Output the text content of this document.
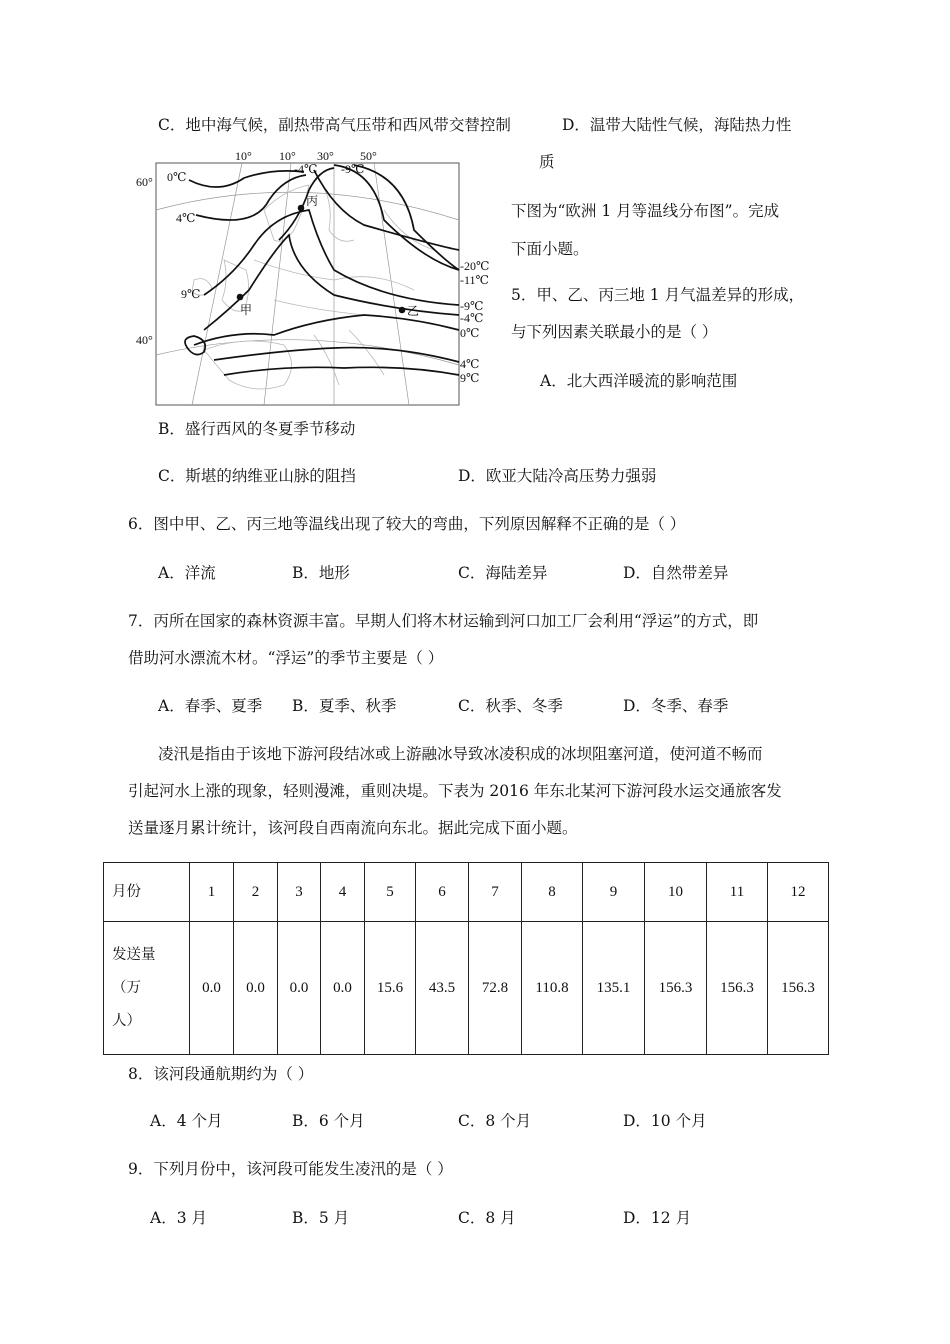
C．地中海气候，副热带高气压带和西风带交替控制	D．温带大陆性气候，海陆热力性
质
10° 10° 30° 50°
60°
40°
0℃
4℃
9℃
-4℃ -9℃
-20℃
-11℃
-9℃
-4℃
0℃
4℃
9℃
甲	乙
丙
下图为“欧洲 1 月等温线分布图”。完成
下面小题。
5．甲、乙、丙三地 1 月气温差异的形成，
与下列因素关联最小的是（ ）
A．北大西洋暖流的影响范围
B．盛行西风的冬夏季节移动
C．斯堪的纳维亚山脉的阻挡	D．欧亚大陆冷高压势力强弱
6．图中甲、乙、丙三地等温线出现了较大的弯曲，下列原因解释不正确的是（ ）
A．洋流	B．地形	C．海陆差异	D．自然带差异
7．丙所在国家的森林资源丰富。早期人们将木材运输到河口加工厂会利用“浮运”的方式，即
借助河水漂流木材。“浮运”的季节主要是（ ）
A．春季、夏季 B．夏季、秋季	C．秋季、冬季	D．冬季、春季
凌汛是指由于该地下游河段结冰或上游融冰导致冰凌积成的冰坝阻塞河道，使河道不畅而
引起河水上涨的现象，轻则漫滩，重则决堤。下表为 2016 年东北某河下游河段水运交通旅客发
送量逐月累计统计，该河段自西南流向东北。据此完成下面小题。
月份	1	2	3	4	5	6	7	8	9	10	11	12

发送量
（万
人）	0.0	0.0	0.0	0.0	15.6	43.5	72.8	110.8	135.1	156.3	156.3	156.3
8．该河段通航期约为（ ）
A．4 个月	B．6 个月	C．8 个月	D．10 个月
9．下列月份中，该河段可能发生凌汛的是（ ）
A．3 月	B．5 月	C．8 月	D．12 月
